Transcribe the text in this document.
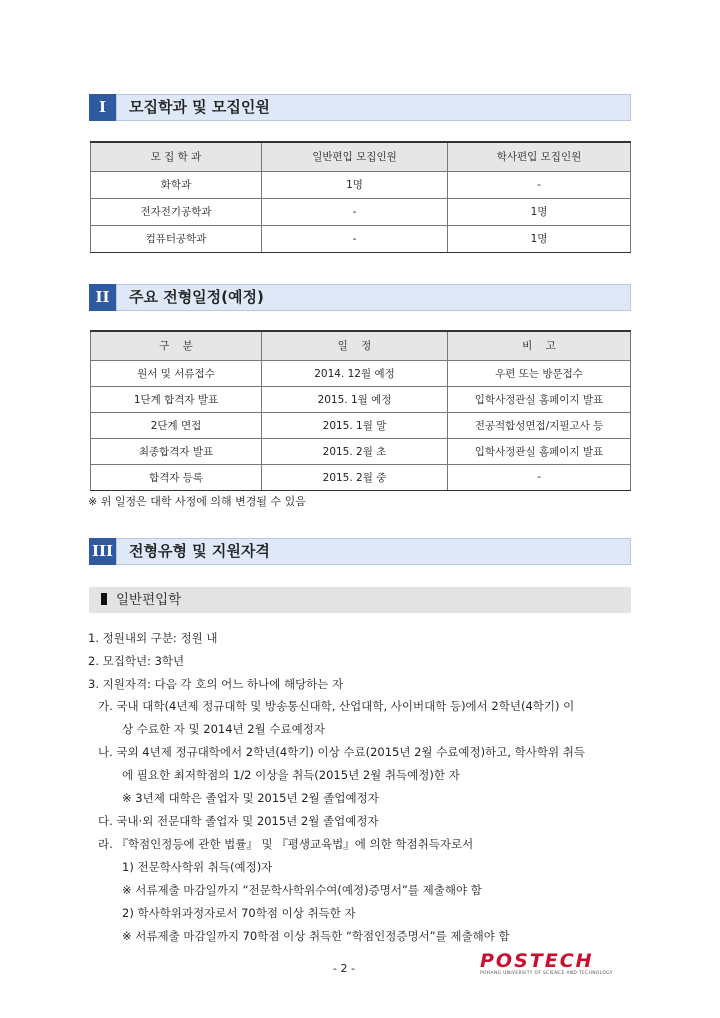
I	모집학과 및 모집인원
모 집 학 과	일반편입 모집인원	학사편입 모집인원
화학과	1명	-
전자전기공학과	-	1명
컴퓨터공학과	-	1명
II	주요 전형일정(예정)
구    분	일    정	비    고
원서 및 서류접수	2014. 12월 예정	우편 또는 방문접수
1단계 합격자 발표	2015. 1월 예정	입학사정관실 홈페이지 발표
2단계 면접	2015. 1월 말	전공적합성면접/지필고사 등
최종합격자 발표	2015. 2월 초	입학사정관실 홈페이지 발표
합격자 등록	2015. 2월 중	-
※ 위 일정은 대학 사정에 의해 변경될 수 있음
III	전형유형 및 지원자격
일반편입학
1. 정원내외 구분: 정원 내
2. 모집학년: 3학년
3. 지원자격: 다음 각 호의 어느 하나에 해당하는 자
가. 국내 대학(4년제 정규대학 및 방송통신대학, 산업대학, 사이버대학 등)에서 2학년(4학기) 이
상 수료한 자 및 2014년 2월 수료예정자
나. 국외 4년제 정규대학에서 2학년(4학기) 이상 수료(2015년 2월 수료예정)하고, 학사학위 취득
에 필요한 최저학점의 1/2 이상을 취득(2015년 2월 취득예정)한 자
※ 3년제 대학은 졸업자 및 2015년 2월 졸업예정자
다. 국내·외 전문대학 졸업자 및 2015년 2월 졸업예정자
라. 『학점인정등에 관한 법률』 및 『평생교육법』에 의한 학점취득자로서
1) 전문학사학위 취득(예정)자
※ 서류제출 마감일까지 “전문학사학위수여(예정)증명서”를 제출해야 함
2) 학사학위과정자로서 70학점 이상 취득한 자
※ 서류제출 마감일까지 70학점 이상 취득한 “학점인정증명서”를 제출해야 함
- 2 -	POSTECH
POHANG UNIVERSITY OF SCIENCE AND TECHNOLOGY
